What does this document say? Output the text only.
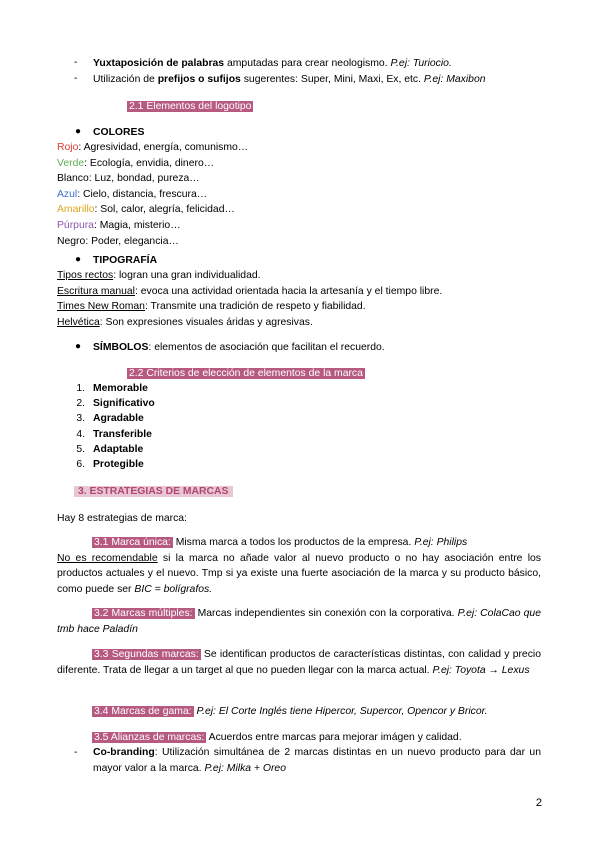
- Yuxtaposición de palabras amputadas para crear neologismo. P.ej: Turiocio.
- Utilización de prefijos o sufijos sugerentes: Super, Mini, Maxi, Ex, etc. P.ej: Maxibon
2.1 Elementos del logotipo
● COLORES
Rojo: Agresividad, energía, comunismo…
Verde: Ecología, envidia, dinero…
Blanco: Luz, bondad, pureza…
Azul: Cielo, distancia, frescura…
Amarillo: Sol, calor, alegría, felicidad…
Púrpura: Magia, misterio…
Negro: Poder, elegancia…
● TIPOGRAFÍA
Tipos rectos: logran una gran individualidad.
Escritura manual: evoca una actividad orientada hacia la artesanía y el tiempo libre.
Times New Roman: Transmite una tradición de respeto y fiabilidad.
Helvética: Son expresiones visuales áridas y agresivas.
● SÍMBOLOS: elementos de asociación que facilitan el recuerdo.
2.2 Criterios de elección de elementos de la marca
1. Memorable
2. Significativo
3. Agradable
4. Transferible
5. Adaptable
6. Protegible
3. ESTRATEGIAS DE MARCAS
Hay 8 estrategias de marca:

3.1 Marca única: Misma marca a todos los productos de la empresa. P.ej: Philips

No es recomendable si la marca no añade valor al nuevo producto o no hay asociación entre los productos actuales y el nuevo. Tmp si ya existe una fuerte asociación de la marca y su producto básico, como puede ser BIC = bolígrafos.

3.2 Marcas múltiples: Marcas independientes sin conexión con la corporativa. P.ej: ColaCao que tmb hace Paladín

3.3 Segundas marcas: Se identifican productos de características distintas, con calidad y precio diferente. Trata de llegar a un target al que no pueden llegar con la marca actual. P.ej: Toyota → Lexus

3.4 Marcas de gama: P.ej: El Corte Inglés tiene Hipercor, Supercor, Opencor y Bricor.
3.5 Alianzas de marcas: Acuerdos entre marcas para mejorar imágen y calidad.
- Co-branding: Utilización simultánea de 2 marcas distintas en un nuevo producto para dar un mayor valor a la marca. P.ej: Milka + Oreo

2
